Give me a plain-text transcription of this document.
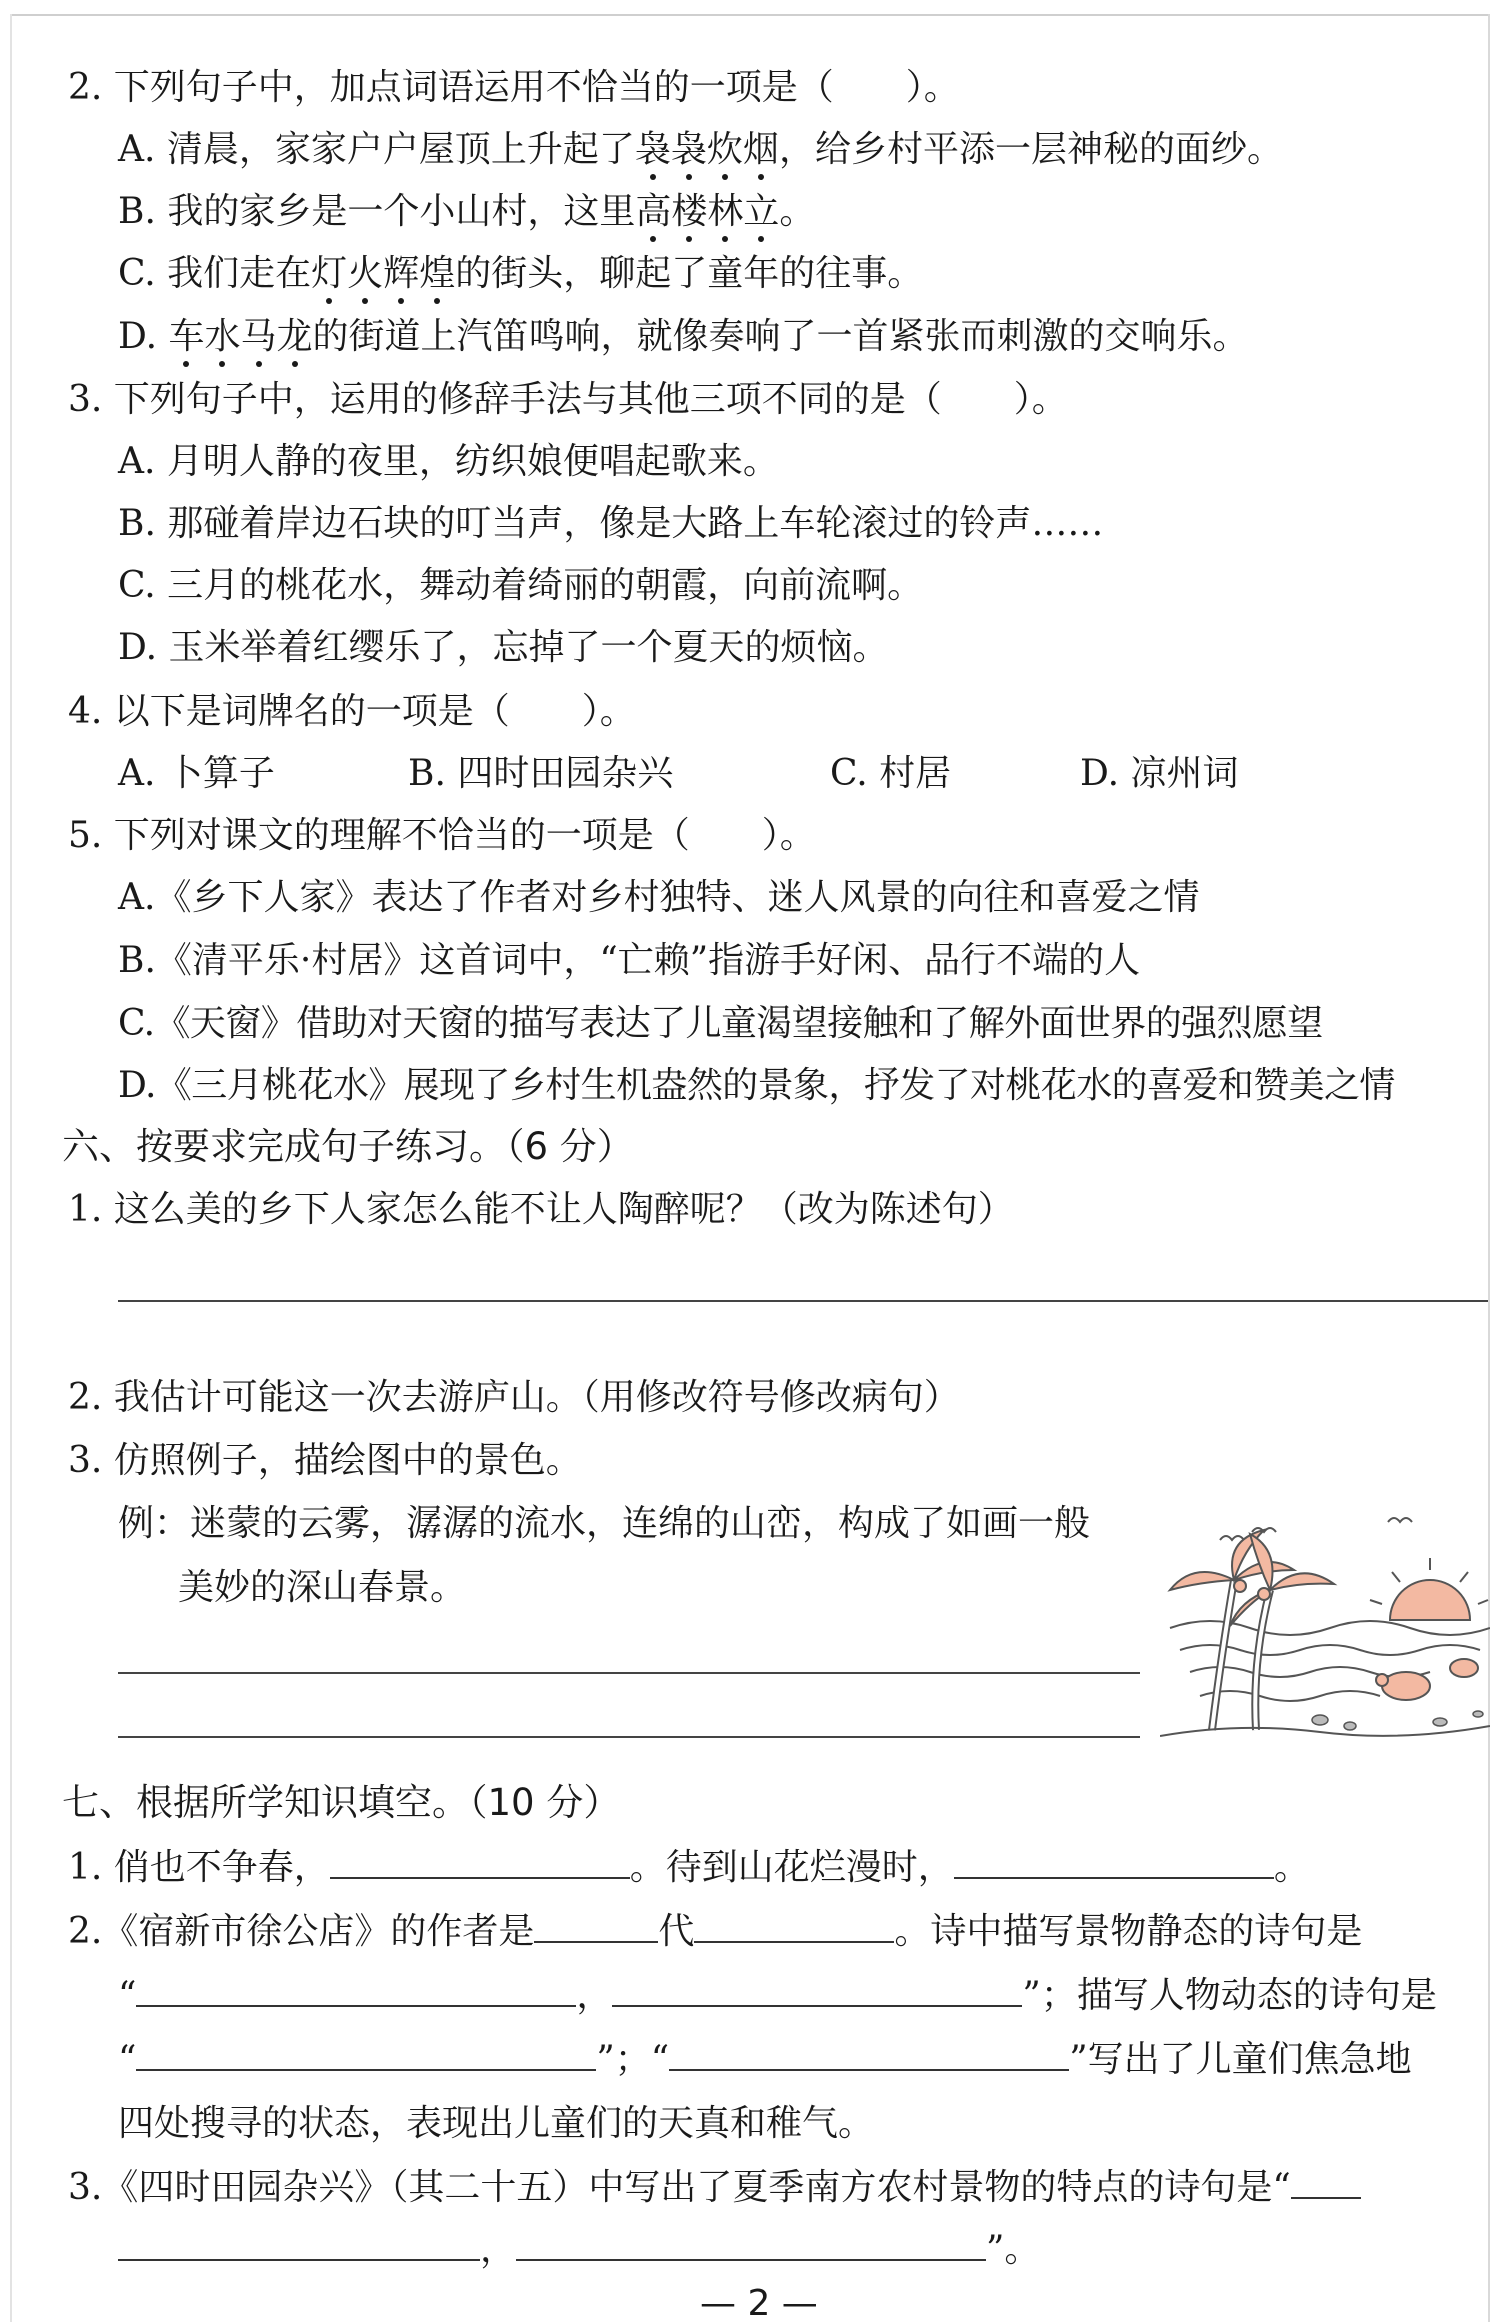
2. 下列句子中，加点词语运用不恰当的一项是（　　）。
A. 清晨，家家户户屋顶上升起了袅袅炊烟，给乡村平添一层神秘的面纱。
B. 我的家乡是一个小山村，这里高楼林立。
C. 我们走在灯火辉煌的街头，聊起了童年的往事。
D. 车水马龙的街道上汽笛鸣响，就像奏响了一首紧张而刺激的交响乐。
3. 下列句子中，运用的修辞手法与其他三项不同的是（　　）。
A. 月明人静的夜里，纺织娘便唱起歌来。
B. 那碰着岸边石块的叮当声，像是大路上车轮滚过的铃声……
C. 三月的桃花水，舞动着绮丽的朝霞，向前流啊。
D. 玉米举着红缨乐了，忘掉了一个夏天的烦恼。
4. 以下是词牌名的一项是（　　）。
A. 卜算子	B. 四时田园杂兴	C. 村居	D. 凉州词
5. 下列对课文的理解不恰当的一项是（　　）。
A.《乡下人家》表达了作者对乡村独特、迷人风景的向往和喜爱之情
B.《清平乐·村居》这首词中，“亡赖”指游手好闲、品行不端的人
C.《天窗》借助对天窗的描写表达了儿童渴望接触和了解外面世界的强烈愿望
D.《三月桃花水》展现了乡村生机盎然的景象，抒发了对桃花水的喜爱和赞美之情
六、按要求完成句子练习。（6 分）
1. 这么美的乡下人家怎么能不让人陶醉呢？（改为陈述句）
2. 我估计可能这一次去游庐山。（用修改符号修改病句）
3. 仿照例子，描绘图中的景色。
例：迷蒙的云雾，潺潺的流水，连绵的山峦，构成了如画一般
美妙的深山春景。
七、根据所学知识填空。（10 分）
1. 俏也不争春，	。待到山花烂漫时，	。
2.《宿新市徐公店》的作者是	代	。诗中描写景物静态的诗句是
“	，	”；描写人物动态的诗句是
“	”；“	”写出了儿童们焦急地
四处搜寻的状态，表现出儿童们的天真和稚气。
3.《四时田园杂兴》（其二十五）中写出了夏季南方农村景物的特点的诗句是“
，	”。
— 2 —
